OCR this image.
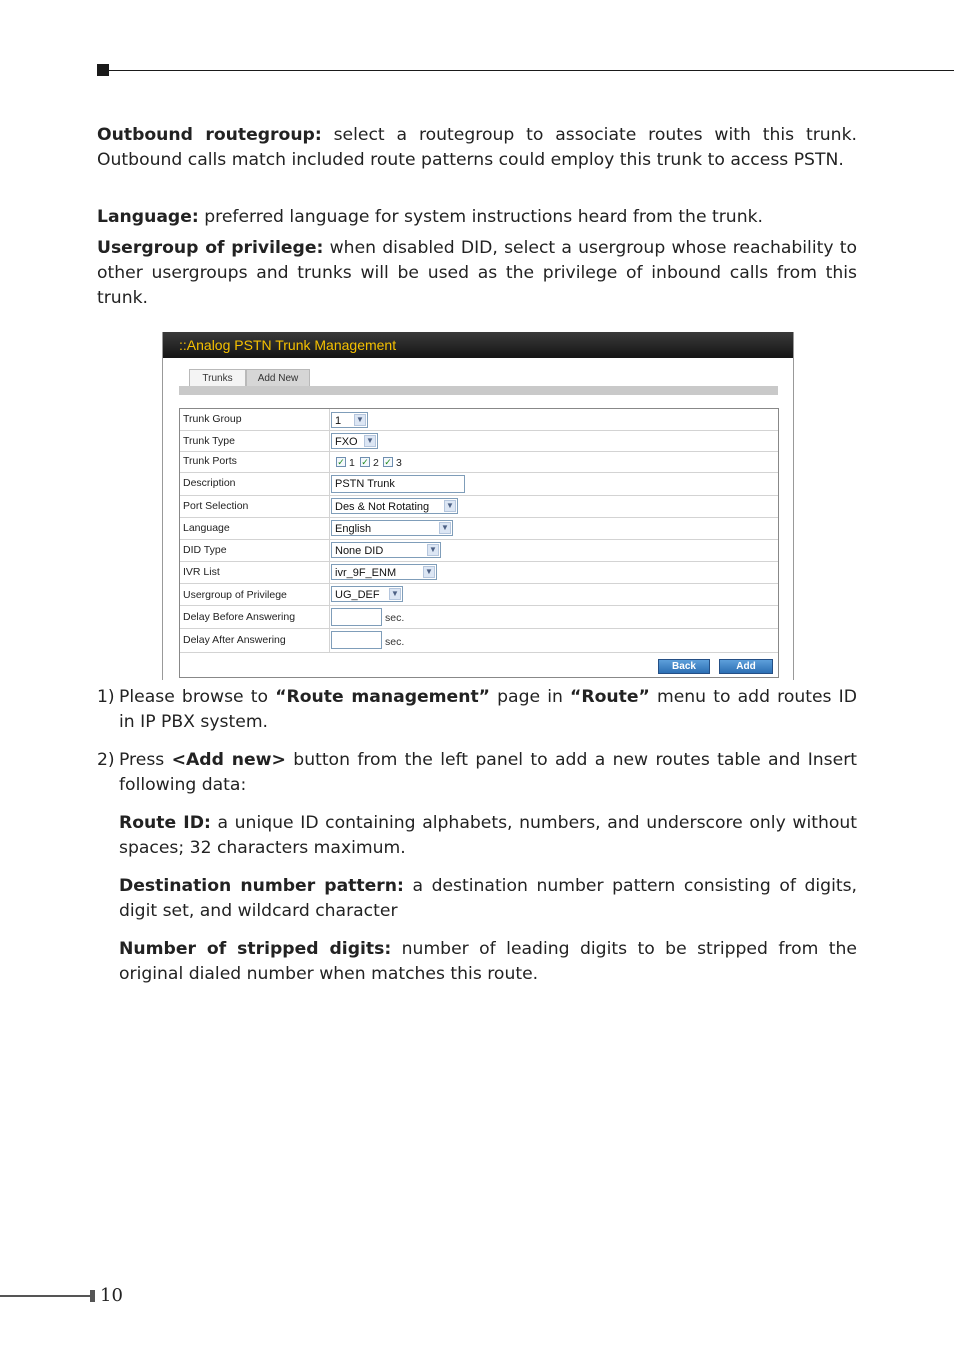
Outbound routegroup: select a routegroup to associate routes with this trunk. Outbound calls match included route patterns could employ this trunk to access PSTN.

Language: preferred language for system instructions heard from the trunk.

Usergroup of privilege: when disabled DID, select a usergroup whose reachability to other usergroups and trunks will be used as the privilege of inbound calls from this trunk.

::Analog PSTN Trunk Management
Trunks	Add New
Trunk Group	1 ▼
Trunk Type	FXO ▼
Trunk Ports	✓ 1 ✓ 2 ✓ 3
Description	PSTN Trunk
Port Selection	Des & Not Rotating ▼
Language	English	▼
DID Type	None DID	▼
IVR List	ivr_9F_ENM	▼
Usergroup of Privilege	UG_DEF ▼
Delay Before Answering	sec.
Delay After Answering	sec.
Back	Add
1) Please browse to “Route management” page in “Route” menu to add routes ID in IP PBX system.

2) Press <Add new> button from the left panel to add a new routes table and Insert following data:

Route ID: a unique ID containing alphabets, numbers, and underscore only without spaces; 32 characters maximum.

Destination number pattern: a destination number pattern consisting of digits, digit set, and wildcard character

Number of stripped digits: number of leading digits to be stripped from the original dialed number when matches this route.

10
